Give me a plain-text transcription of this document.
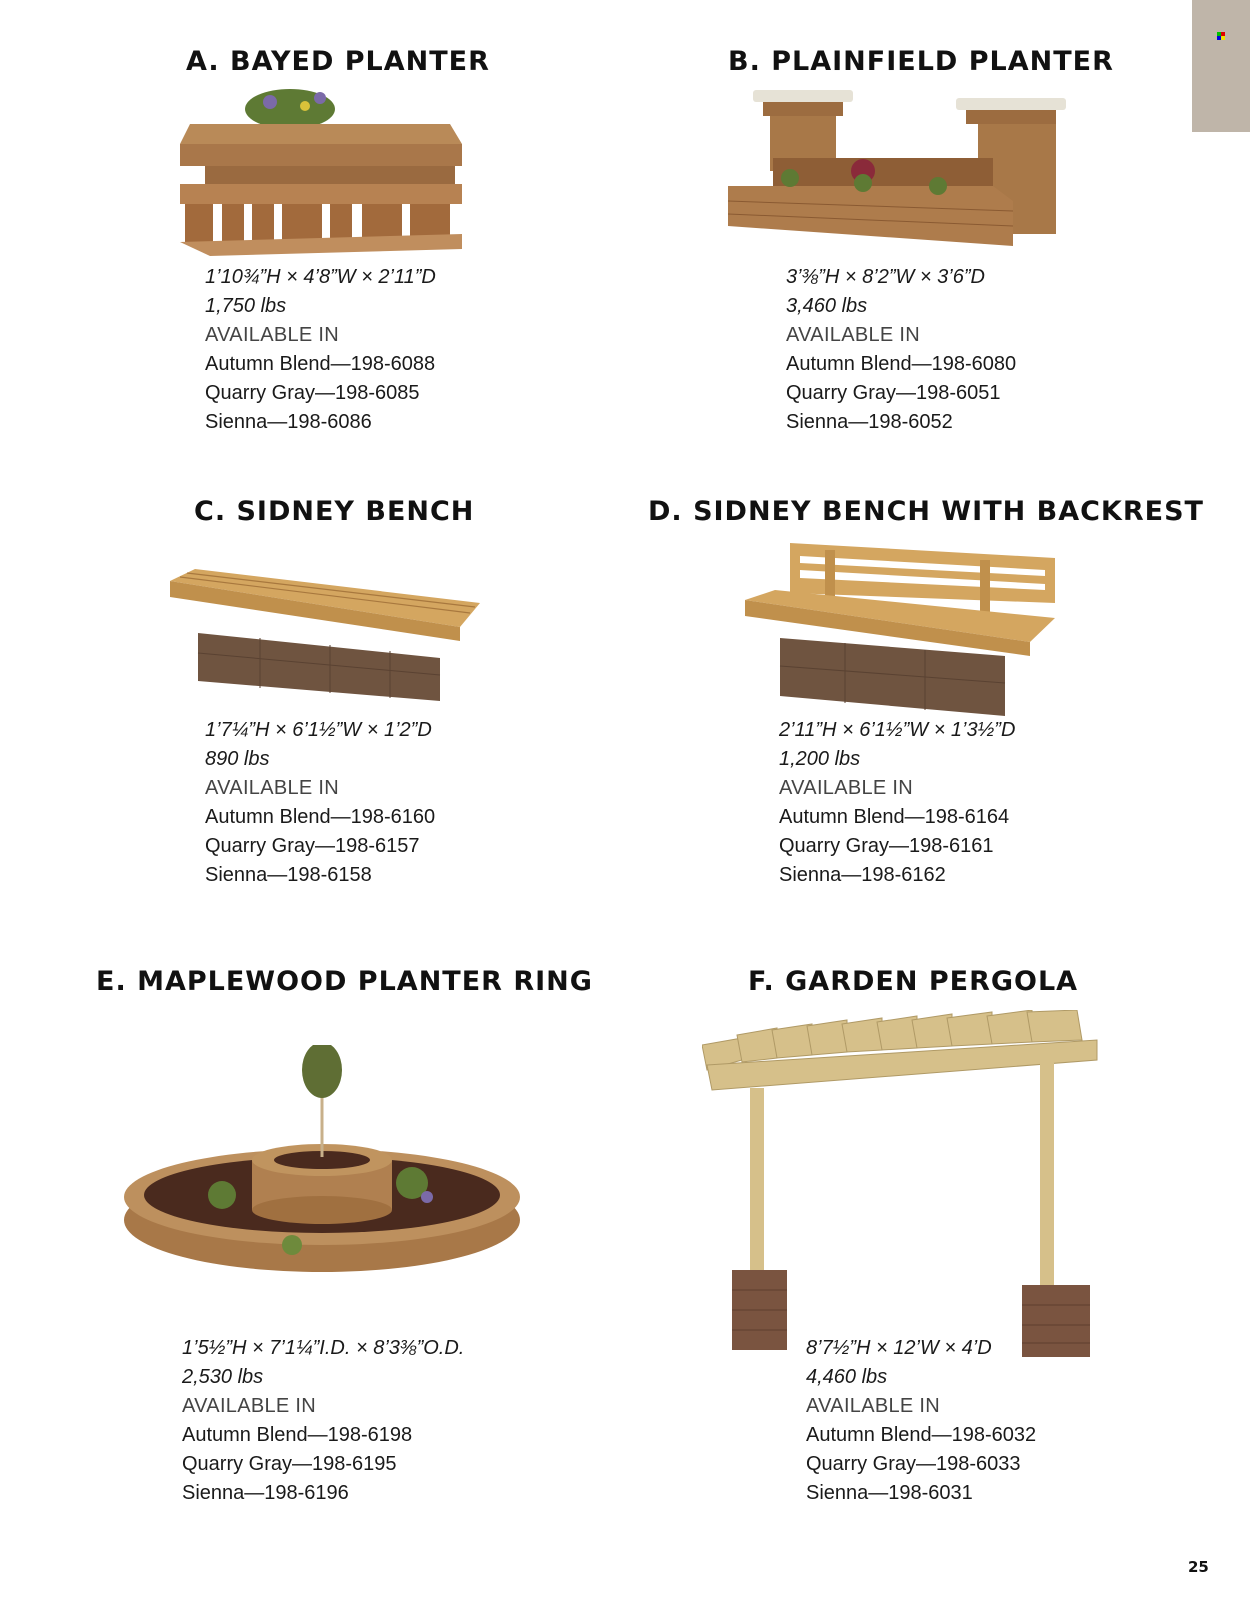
A. BAYED PLANTER
1’10¾”H × 4’8”W × 2’11”D
1,750 lbs
AVAILABLE IN
Autumn Blend—198-6088
Quarry Gray—198-6085
Sienna—198-6086
B. PLAINFIELD PLANTER
3’⅜”H × 8’2”W × 3’6”D
3,460 lbs
AVAILABLE IN
Autumn Blend—198-6080
Quarry Gray—198-6051
Sienna—198-6052
C. SIDNEY BENCH
1’7¼”H × 6’1½”W × 1’2”D
890 lbs
AVAILABLE IN
Autumn Blend—198-6160
Quarry Gray—198-6157
Sienna—198-6158
D. SIDNEY BENCH WITH BACKREST
2’11”H × 6’1½”W × 1’3½”D
1,200 lbs
AVAILABLE IN
Autumn Blend—198-6164
Quarry Gray—198-6161
Sienna—198-6162
E. MAPLEWOOD PLANTER RING
1’5½”H × 7’1¼”I.D. × 8’3⅜”O.D.
2,530 lbs
AVAILABLE IN
Autumn Blend—198-6198
Quarry Gray—198-6195
Sienna—198-6196
F. GARDEN PERGOLA
8’7½”H × 12’W × 4’D
4,460 lbs
AVAILABLE IN
Autumn Blend—198-6032
Quarry Gray—198-6033
Sienna—198-6031
25
